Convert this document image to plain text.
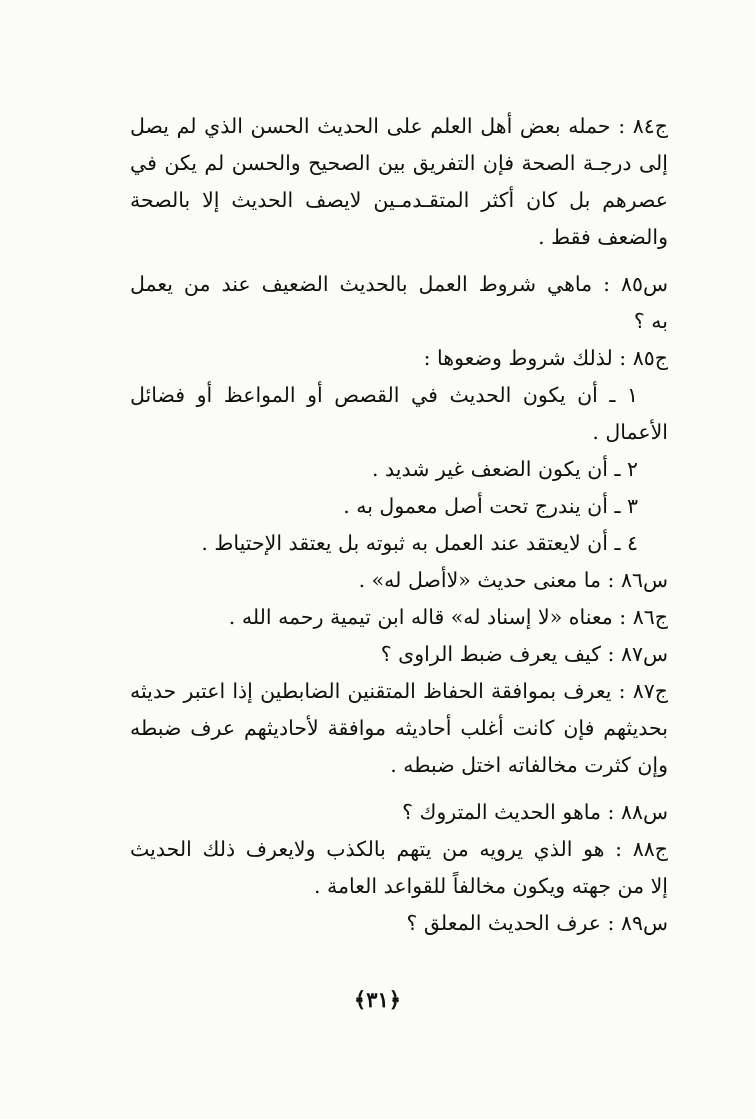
ج٨٤ : حمله بعض أهل العلم على الحديث الحسن الذي لم يصل
إلى درجـة الصحة فإن التفريق بين الصحيح والحسن لم يكن في
عصرهم بل كان أكثر المتقـدمـين لايصف الحديث إلا بالصحة
والضعف فقط .
س٨٥ : ماهي شروط العمل بالحديث الضعيف عند من يعمل
به ؟
ج٨٥ : لذلك شروط وضعوها :
١ ـ أن يكون الحديث في القصص أو المواعظ أو فضائل
الأعمال .
٢ ـ أن يكون الضعف غير شديد .
٣ ـ أن يندرج تحت أصل معمول به .
٤ ـ أن لايعتقد عند العمل به ثبوته بل يعتقد الإحتياط .
س٨٦ : ما معنى حديث «لاأصل له» .
ج٨٦ : معناه «لا إسناد له» قاله ابن تيمية رحمه الله .
س٨٧ : كيف يعرف ضبط الراوى ؟
ج٨٧ : يعرف بموافقة الحفاظ المتقنين الضابطين إذا اعتبر حديثه
بحديثهم فإن كانت أغلب أحاديثه موافقة لأحاديثهم عرف ضبطه
وإن كثرت مخالفاته اختل ضبطه .
س٨٨ : ماهو الحديث المتروك ؟
ج٨٨ : هو الذي يرويه من يتهم بالكذب ولايعرف ذلك الحديث
إلا من جهته ويكون مخالفاً للقواعد العامة .
س٨٩ : عرف الحديث المعلق ؟
﴿٣١﴾
